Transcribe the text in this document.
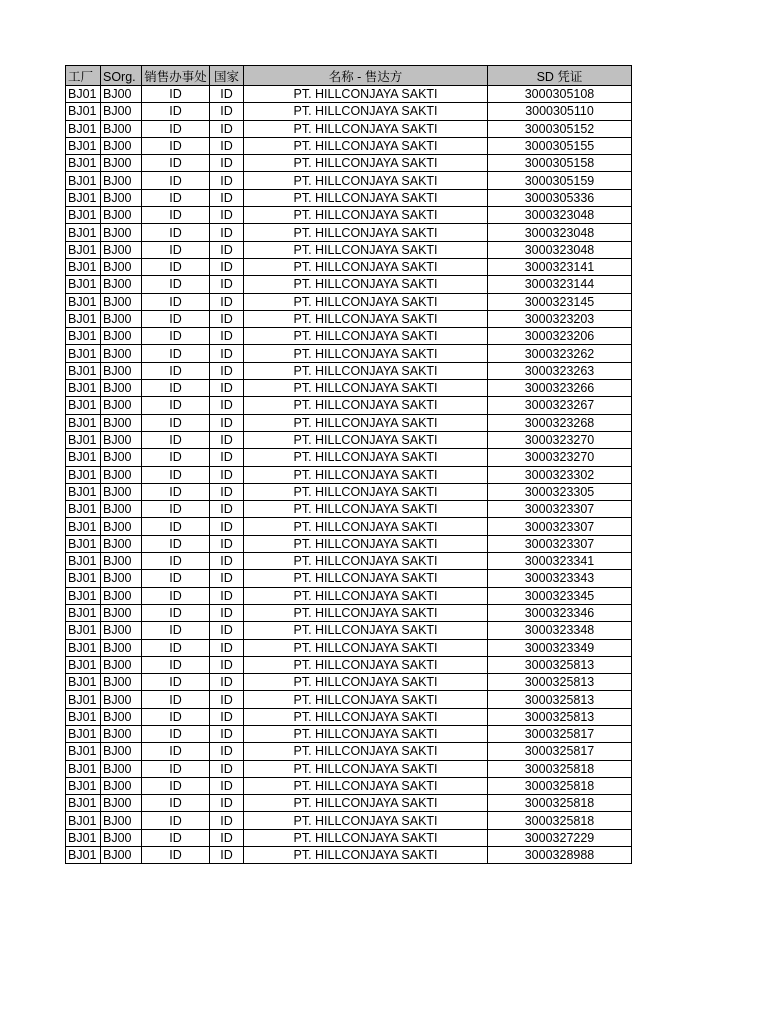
工厂	SOrg.	销售办事处	国家	名称 - 售达方	SD 凭证
BJ01	BJ00	ID	ID	PT. HILLCONJAYA SAKTI	3000305108
BJ01	BJ00	ID	ID	PT. HILLCONJAYA SAKTI	3000305110
BJ01	BJ00	ID	ID	PT. HILLCONJAYA SAKTI	3000305152
BJ01	BJ00	ID	ID	PT. HILLCONJAYA SAKTI	3000305155
BJ01	BJ00	ID	ID	PT. HILLCONJAYA SAKTI	3000305158
BJ01	BJ00	ID	ID	PT. HILLCONJAYA SAKTI	3000305159
BJ01	BJ00	ID	ID	PT. HILLCONJAYA SAKTI	3000305336
BJ01	BJ00	ID	ID	PT. HILLCONJAYA SAKTI	3000323048
BJ01	BJ00	ID	ID	PT. HILLCONJAYA SAKTI	3000323048
BJ01	BJ00	ID	ID	PT. HILLCONJAYA SAKTI	3000323048
BJ01	BJ00	ID	ID	PT. HILLCONJAYA SAKTI	3000323141
BJ01	BJ00	ID	ID	PT. HILLCONJAYA SAKTI	3000323144
BJ01	BJ00	ID	ID	PT. HILLCONJAYA SAKTI	3000323145
BJ01	BJ00	ID	ID	PT. HILLCONJAYA SAKTI	3000323203
BJ01	BJ00	ID	ID	PT. HILLCONJAYA SAKTI	3000323206
BJ01	BJ00	ID	ID	PT. HILLCONJAYA SAKTI	3000323262
BJ01	BJ00	ID	ID	PT. HILLCONJAYA SAKTI	3000323263
BJ01	BJ00	ID	ID	PT. HILLCONJAYA SAKTI	3000323266
BJ01	BJ00	ID	ID	PT. HILLCONJAYA SAKTI	3000323267
BJ01	BJ00	ID	ID	PT. HILLCONJAYA SAKTI	3000323268
BJ01	BJ00	ID	ID	PT. HILLCONJAYA SAKTI	3000323270
BJ01	BJ00	ID	ID	PT. HILLCONJAYA SAKTI	3000323270
BJ01	BJ00	ID	ID	PT. HILLCONJAYA SAKTI	3000323302
BJ01	BJ00	ID	ID	PT. HILLCONJAYA SAKTI	3000323305
BJ01	BJ00	ID	ID	PT. HILLCONJAYA SAKTI	3000323307
BJ01	BJ00	ID	ID	PT. HILLCONJAYA SAKTI	3000323307
BJ01	BJ00	ID	ID	PT. HILLCONJAYA SAKTI	3000323307
BJ01	BJ00	ID	ID	PT. HILLCONJAYA SAKTI	3000323341
BJ01	BJ00	ID	ID	PT. HILLCONJAYA SAKTI	3000323343
BJ01	BJ00	ID	ID	PT. HILLCONJAYA SAKTI	3000323345
BJ01	BJ00	ID	ID	PT. HILLCONJAYA SAKTI	3000323346
BJ01	BJ00	ID	ID	PT. HILLCONJAYA SAKTI	3000323348
BJ01	BJ00	ID	ID	PT. HILLCONJAYA SAKTI	3000323349
BJ01	BJ00	ID	ID	PT. HILLCONJAYA SAKTI	3000325813
BJ01	BJ00	ID	ID	PT. HILLCONJAYA SAKTI	3000325813
BJ01	BJ00	ID	ID	PT. HILLCONJAYA SAKTI	3000325813
BJ01	BJ00	ID	ID	PT. HILLCONJAYA SAKTI	3000325813
BJ01	BJ00	ID	ID	PT. HILLCONJAYA SAKTI	3000325817
BJ01	BJ00	ID	ID	PT. HILLCONJAYA SAKTI	3000325817
BJ01	BJ00	ID	ID	PT. HILLCONJAYA SAKTI	3000325818
BJ01	BJ00	ID	ID	PT. HILLCONJAYA SAKTI	3000325818
BJ01	BJ00	ID	ID	PT. HILLCONJAYA SAKTI	3000325818
BJ01	BJ00	ID	ID	PT. HILLCONJAYA SAKTI	3000325818
BJ01	BJ00	ID	ID	PT. HILLCONJAYA SAKTI	3000327229
BJ01	BJ00	ID	ID	PT. HILLCONJAYA SAKTI	3000328988
